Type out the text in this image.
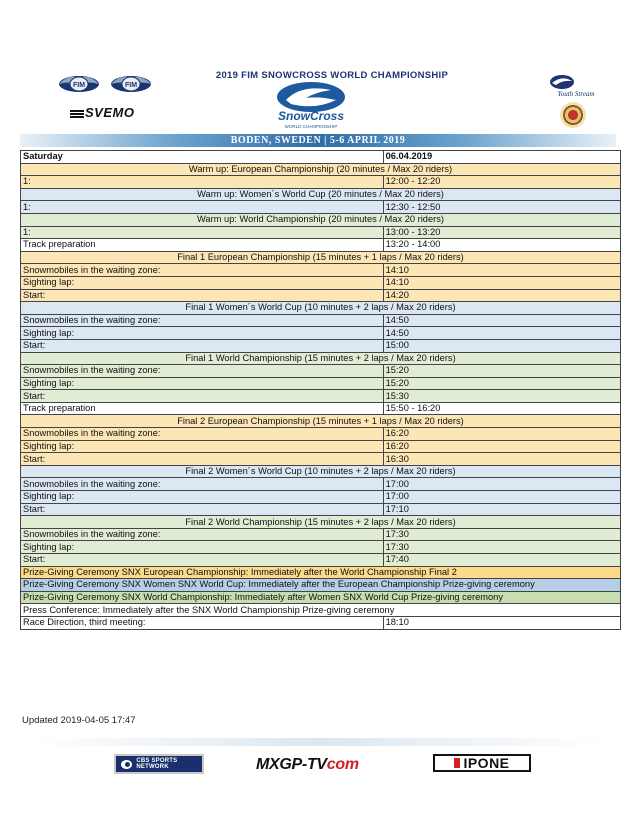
FIM	FIM
SVEMO
2019 FIM SNOWCROSS WORLD CHAMPIONSHIP
SnowCross
WORLD CHAMPIONSHIP
Youth Stream
BODEN, SWEDEN | 5-6 APRIL 2019
Saturday	06.04.2019
Warm up: European Championship (20 minutes / Max 20 riders)	
1:	12:00 - 12:20
Warm up: Women´s World Cup (20 minutes / Max 20 riders)	
1:	12:30 - 12:50
Warm up: World Championship (20 minutes / Max 20 riders)	
1:	13:00 - 13:20
Track preparation	13:20 - 14:00
Final 1 European Championship (15 minutes + 1 laps / Max 20 riders)	
Snowmobiles in the waiting zone:	14:10
Sighting lap:	14:10
Start:	14:20
Final 1 Women´s World Cup (10 minutes + 2 laps / Max 20 riders)	
Snowmobiles in the waiting zone:	14:50
Sighting lap:	14:50
Start:	15:00
Final 1 World Championship (15 minutes + 2 laps / Max 20 riders)	
Snowmobiles in the waiting zone:	15:20
Sighting lap:	15:20
Start:	15:30
Track preparation	15:50 - 16:20
Final 2 European Championship (15 minutes + 1 laps / Max 20 riders)	
Snowmobiles in the waiting zone:	16:20
Sighting lap:	16:20
Start:	16:30
Final 2 Women´s World Cup (10 minutes + 2 laps / Max 20 riders)	
Snowmobiles in the waiting zone:	17:00
Sighting lap:	17:00
Start:	17:10
Final 2 World Championship (15 minutes + 2 laps / Max 20 riders)	
Snowmobiles in the waiting zone:	17:30
Sighting lap:	17:30
Start:	17:40
Prize-Giving Ceremony SNX European Championship: Immediately after the World Championship Final 2	
Prize-Giving Ceremony SNX Women SNX World Cup: Immediately after the European Championship Prize-giving ceremony	
Prize-Giving Ceremony SNX World Championship: Immediately after Women SNX World Cup Prize-giving ceremony	
Press Conference: Immediately after the SNX World Championship Prize-giving ceremony	
Race Direction, third meeting:	18:10
Updated 2019-04-05 17:47
CBS SPORTS NETWORK	MXGP-TVcom	IPONE
